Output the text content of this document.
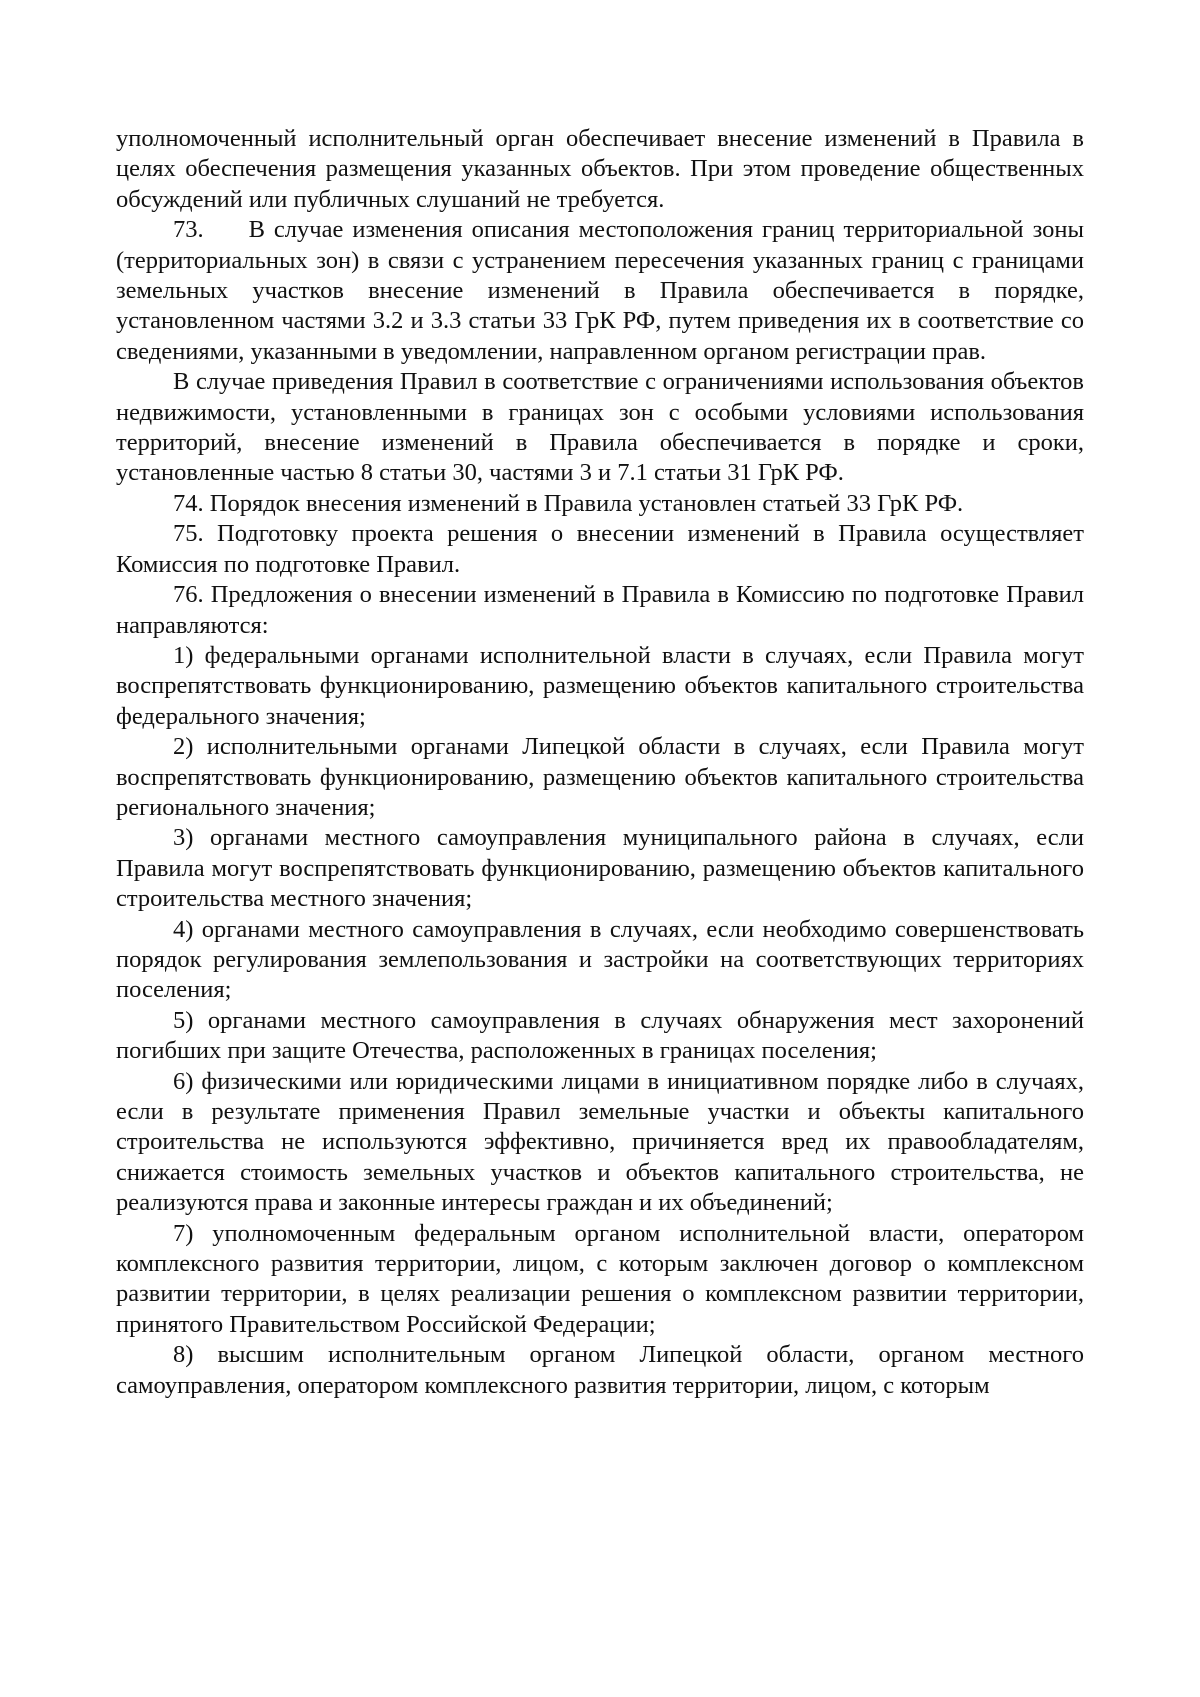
уполномоченный исполнительный орган обеспечивает внесение изменений в Правила в целях обеспечения размещения указанных объектов. При этом проведение общественных обсуждений или публичных слушаний не требуется.

73.     В случае изменения описания местоположения границ территориальной зоны (территориальных зон) в связи с устранением пересечения указанных границ с границами земельных участков внесение изменений в Правила обеспечивается в порядке, установленном частями 3.2 и 3.3 статьи 33 ГрК РФ, путем приведения их в соответствие со сведениями, указанными в уведомлении, направленном органом регистрации прав.

В случае приведения Правил в соответствие с ограничениями использования объектов недвижимости, установленными в границах зон с особыми условиями использования территорий, внесение изменений в Правила обеспечивается в порядке и сроки, установленные частью 8 статьи 30, частями 3 и 7.1 статьи 31 ГрК РФ.

74. Порядок внесения изменений в Правила установлен статьей 33 ГрК РФ.

75. Подготовку проекта решения о внесении изменений в Правила осуществляет Комиссия по подготовке Правил.

76. Предложения о внесении изменений в Правила в Комиссию по подготовке Правил направляются:

1) федеральными органами исполнительной власти в случаях, если Правила могут воспрепятствовать функционированию, размещению объектов капитального строительства федерального значения;

2) исполнительными органами Липецкой области в случаях, если Правила могут воспрепятствовать функционированию, размещению объектов капитального строительства регионального значения;

3) органами местного самоуправления муниципального района в случаях, если Правила могут воспрепятствовать функционированию, размещению объектов капитального строительства местного значения;

4) органами местного самоуправления в случаях, если необходимо совершенствовать порядок регулирования землепользования и застройки на соответствующих территориях поселения;

5) органами местного самоуправления в случаях обнаружения мест захоронений погибших при защите Отечества, расположенных в границах поселения;

6) физическими или юридическими лицами в инициативном порядке либо в случаях, если в результате применения Правил земельные участки и объекты капитального строительства не используются эффективно, причиняется вред их правообладателям, снижается стоимость земельных участков и объектов капитального строительства, не реализуются права и законные интересы граждан и их объединений;

7) уполномоченным федеральным органом исполнительной власти, оператором комплексного развития территории, лицом, с которым заключен договор о комплексном развитии территории, в целях реализации решения о комплексном развитии территории, принятого Правительством Российской Федерации;

8) высшим исполнительным органом Липецкой области, органом местного самоуправления, оператором комплексного развития территории, лицом, с которым
